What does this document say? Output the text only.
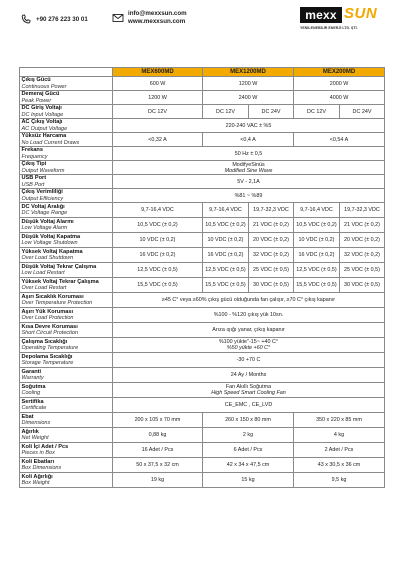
+90 276 223 30 01
info@mexxsun.com
www.mexxsun.com	mexx SUN
YENİLENEBİLİR ENERJİ LTD. ŞTİ.
	MEX600MD	MEX1200MD		MEX200MD	

Çıkış Gücü
Continuous Power	600 W	1200 W		2000 W	

Demeraj Gücü
Peak Power	1200 W	2400 W		4000 W	

DC Giriş Voltajı
DC Input Voltage	DC 12V	DC 12V	DC 24V	DC 12V	DC 24V

AC Çıkış Voltajı
AC Output Voltage	220-240 VAC ± %5				

Yüksüz Harcama
No Load Current Draws	<0,32 A	<0,4 A		<0,54 A	

Frekans
Frequency	50 Hz ± 0,5				

Çıkış Tipi
Output Waveform	ModifyeSinüs
Modified Sine Wave				

USB Port
USB Port	5V - 2,1A				

Çıkış Verimliliği
Output Efficiency	%81 ~ %89				

DC Voltaj Aralığı
DC Voltage Range	9,7-16,4 VDC	9,7-16,4 VDC	19,7-32,3 VDC	9,7-16,4 VDC	19,7-32,3 VDC

Düşük Voltaj Alarmı
Low Voltage Alarm	10,5 VDC (± 0,2)	10,5 VDC (± 0,2)	21 VDC (± 0,2)	10,5 VDC (± 0,2)	21 VDC (± 0,2)

Düşük Voltaj Kapatma
Low Voltage Shutdown	10 VDC (± 0,2)	10 VDC (± 0,2)	20 VDC (± 0,2)	10 VDC (± 0,2)	20 VDC (± 0,2)

Yüksek Voltaj Kapatma
Over Load Shutdown	16 VDC (± 0,2)	16 VDC (± 0,2)	32 VDC (± 0,2)	16 VDC (± 0,2)	32 VDC (± 0,2)

Düşük Voltaj Tekrar Çalışma
Low Load Restart	12,5 VDC (± 0,5)	12,5 VDC (± 0,5)	25 VDC (± 0,5)	12,5 VDC (± 0,5)	25 VDC (± 0,5)

Yüksek Voltaj Tekrar Çalışma
Over Load Restart	15,5 VDC (± 0,5)	15,5 VDC (± 0,5)	30 VDC (± 0,5)	15,5 VDC (± 0,5)	30 VDC (± 0,5)

Aşırı Sıcaklık Koruması
Over Temperature Protection	≥45 C° veya ≥60% çıkış gücü olduğunda fan çalışır, ≥70 C° çıkış kapanır				

Aşırı Yük Koruması
Over Load Protection	%100 - %120 çıkış yük 10sn.				

Kısa Devre Koruması
Short Circuit Protection	Arıza ışığı yanar, çıkış kapanır				

Çalışma Sıcaklığı
Operating Temperature	%100 yükte"-15~ +40 C°
%50 yükte +60 C°				

Depolama Sıcaklığı
Storage Temperature	-30 +70 C				

Garanti
Warranty	24 Ay / Months				

Soğutma
Cooling	Fan Akıllı Soğutma
High Speed Smart Cooling Fan				

Sertifika
Certificate	CE_EMC , CE_LVD				

Ebat
Dimensions	200 x 105 x 70 mm	260 x 150 x 80 mm		350 x 220 x 85 mm	

Ağırlık
Net Weight	0,88 kg	2 kg		4 kg	

Koli İçi Adet / Pcs
Pieces in Box	16 Adet / Pcs	6 Adet / Pcs		2 Adet / Pcs	

Koli Ebatları
Box Dimensions	50 x 37,5 x 32 cm	42 x 34 x 47,5 cm		43 x 30,5 x 36 cm	

Koli Ağırlığı
Box Weight	19 kg	15 kg		9,5 kg	
